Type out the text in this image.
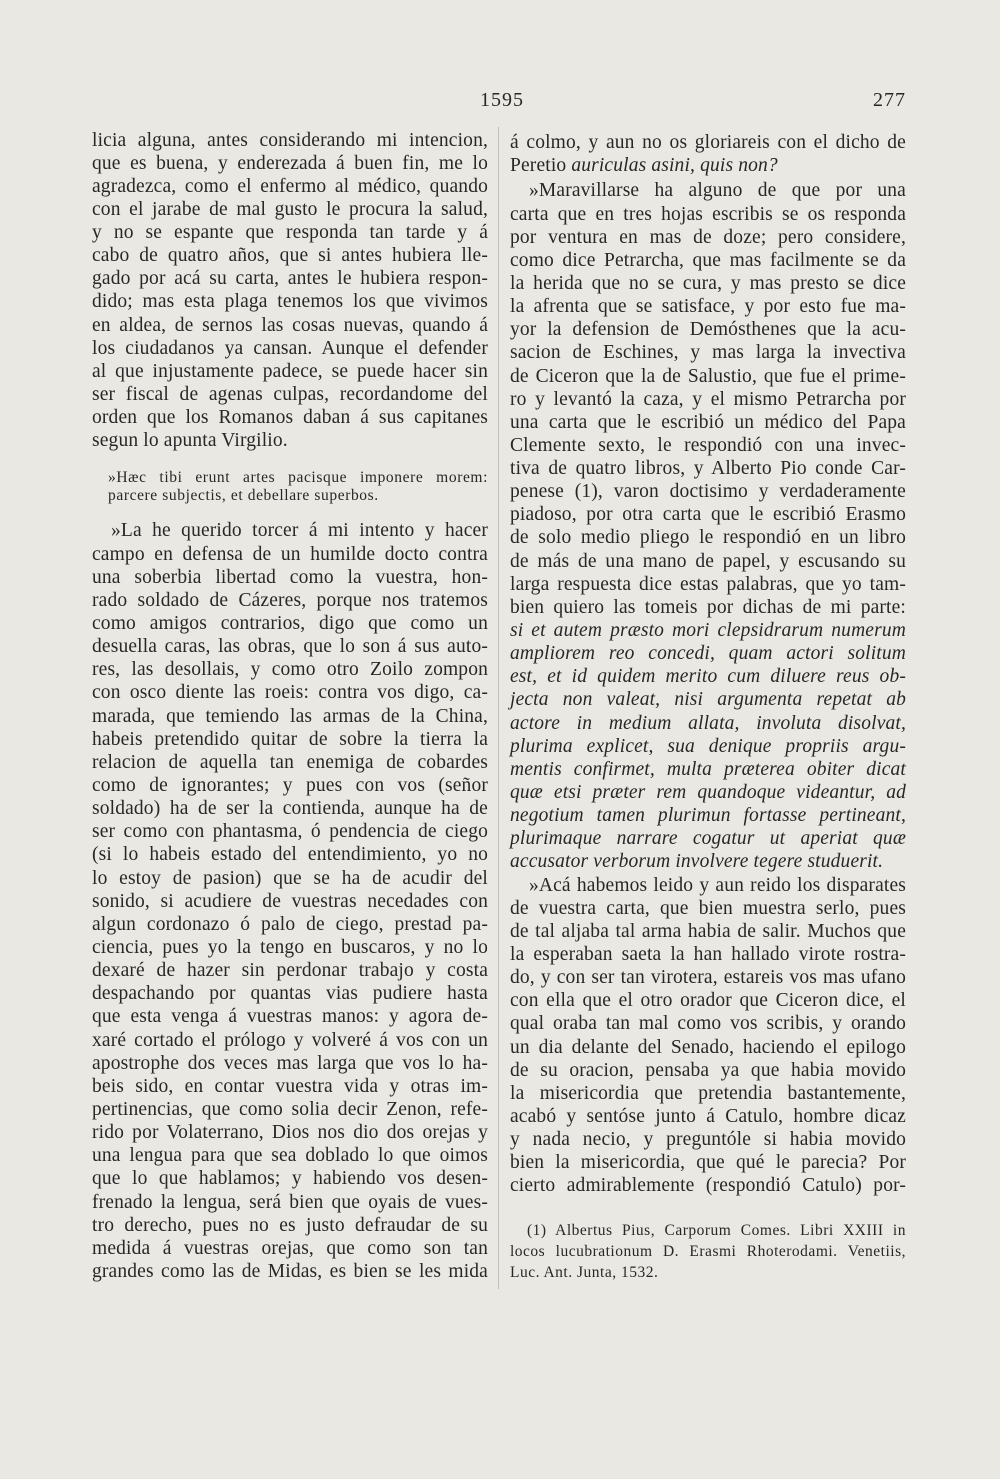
1595	277
licia alguna, antes considerando mi intencion,
que es buena, y enderezada á buen fin, me lo
agradezca, como el enfermo al médico, quando
con el jarabe de mal gusto le procura la salud,
y no se espante que responda tan tarde y á
cabo de quatro años, que si antes hubiera lle-
gado por acá su carta, antes le hubiera respon-
dido; mas esta plaga tenemos los que vivimos
en aldea, de sernos las cosas nuevas, quando á
los ciudadanos ya cansan. Aunque el defender
al que injustamente padece, se puede hacer sin
ser fiscal de agenas culpas, recordandome del
orden que los Romanos daban á sus capitanes
segun lo apunta Virgilio.
»Hæc tibi erunt artes pacisque imponere morem:
parcere subjectis, et debellare superbos.
»La he querido torcer á mi intento y hacer
campo en defensa de un humilde docto contra
una soberbia libertad como la vuestra, hon-
rado soldado de Cázeres, porque nos tratemos
como amigos contrarios, digo que como un
desuella caras, las obras, que lo son á sus auto-
res, las desollais, y como otro Zoilo zompon
con osco diente las roeis: contra vos digo, ca-
marada, que temiendo las armas de la China,
habeis pretendido quitar de sobre la tierra la
relacion de aquella tan enemiga de cobardes
como de ignorantes; y pues con vos (señor
soldado) ha de ser la contienda, aunque ha de
ser como con phantasma, ó pendencia de ciego
(si lo habeis estado del entendimiento, yo no
lo estoy de pasion) que se ha de acudir del
sonido, si acudiere de vuestras necedades con
algun cordonazo ó palo de ciego, prestad pa-
ciencia, pues yo la tengo en buscaros, y no lo
dexaré de hazer sin perdonar trabajo y costa
despachando por quantas vias pudiere hasta
que esta venga á vuestras manos: y agora de-
xaré cortado el prólogo y volveré á vos con un
apostrophe dos veces mas larga que vos lo ha-
beis sido, en contar vuestra vida y otras im-
pertinencias, que como solia decir Zenon, refe-
rido por Volaterrano, Dios nos dio dos orejas y
una lengua para que sea doblado lo que oimos
que lo que hablamos; y habiendo vos desen-
frenado la lengua, será bien que oyais de vues-
tro derecho, pues no es justo defraudar de su
medida á vuestras orejas, que como son tan
grandes como las de Midas, es bien se les mida
á colmo, y aun no os gloriareis con el dicho de
Peretio auriculas asini, quis non?
»Maravillarse ha alguno de que por una
carta que en tres hojas escribis se os responda
por ventura en mas de doze; pero considere,
como dice Petrarcha, que mas facilmente se da
la herida que no se cura, y mas presto se dice
la afrenta que se satisface, y por esto fue ma-
yor la defension de Demósthenes que la acu-
sacion de Eschines, y mas larga la invectiva
de Ciceron que la de Salustio, que fue el prime-
ro y levantó la caza, y el mismo Petrarcha por
una carta que le escribió un médico del Papa
Clemente sexto, le respondió con una invec-
tiva de quatro libros, y Alberto Pio conde Car-
penese (1), varon doctisimo y verdaderamente
piadoso, por otra carta que le escribió Erasmo
de solo medio pliego le respondió en un libro
de más de una mano de papel, y escusando su
larga respuesta dice estas palabras, que yo tam-
bien quiero las tomeis por dichas de mi parte:
si et autem præsto mori clepsidrarum numerum
ampliorem reo concedi, quam actori solitum
est, et id quidem merito cum diluere reus ob-
jecta non valeat, nisi argumenta repetat ab
actore in medium allata, involuta disolvat,
plurima explicet, sua denique propriis argu-
mentis confirmet, multa præterea obiter dicat
quæ etsi præter rem quandoque videantur, ad
negotium tamen plurimun fortasse pertineant,
plurimaque narrare cogatur ut aperiat quæ
accusator verborum involvere tegere studuerit.
»Acá habemos leido y aun reido los disparates
de vuestra carta, que bien muestra serlo, pues
de tal aljaba tal arma habia de salir. Muchos que
la esperaban saeta la han hallado virote rostra-
do, y con ser tan virotera, estareis vos mas ufano
con ella que el otro orador que Ciceron dice, el
qual oraba tan mal como vos scribis, y orando
un dia delante del Senado, haciendo el epilogo
de su oracion, pensaba ya que habia movido
la misericordia que pretendia bastantemente,
acabó y sentóse junto á Catulo, hombre dicaz
y nada necio, y preguntóle si habia movido
bien la misericordia, que qué le parecia? Por
cierto admirablemente (respondió Catulo) por-
(1) Albertus Pius, Carporum Comes. Libri XXIII in
locos lucubrationum D. Erasmi Rhoterodami. Venetiis,
Luc. Ant. Junta, 1532.
